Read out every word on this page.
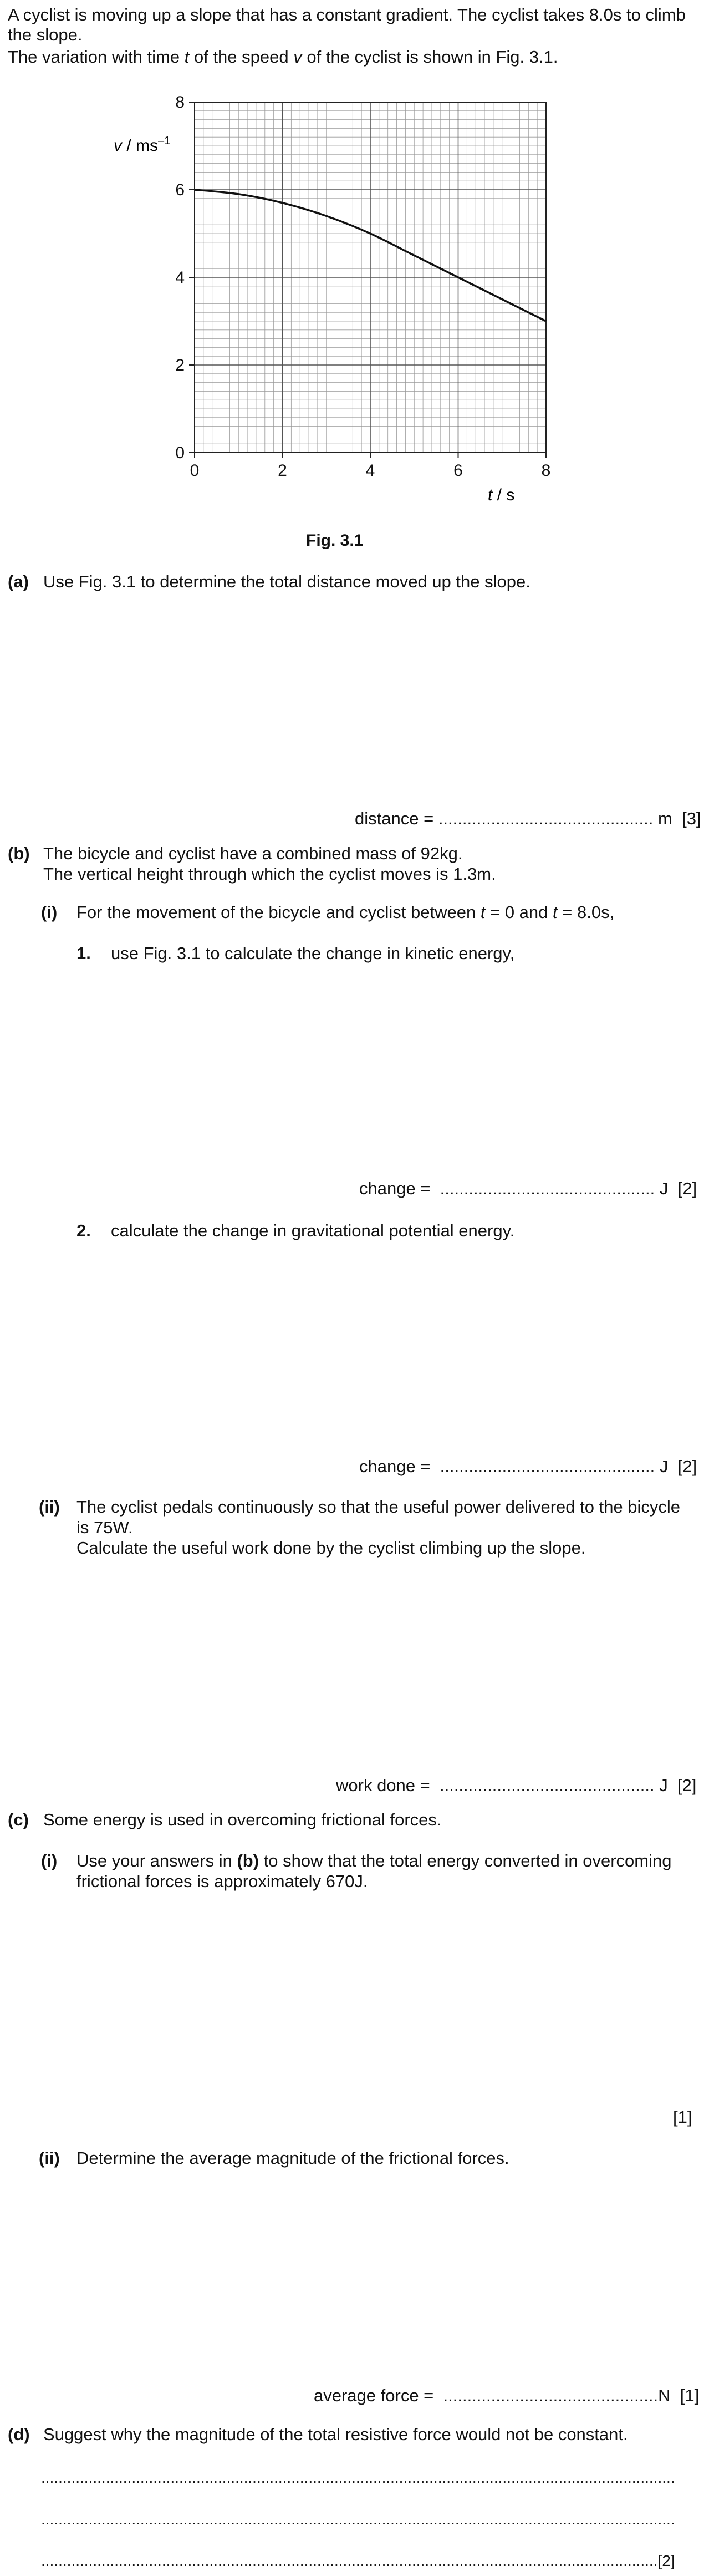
A cyclist is moving up a slope that has a constant gradient. The cyclist takes 8.0s to climb
the slope.
The variation with time t of the speed v of the cyclist is shown in Fig. 3.1.
0	2	4	6	8
0
2
4
6
8
v / $ms^{-1}$
t / s
Fig. 3.1
(a) Use Fig. 3.1 to determine the total distance moved up the slope.
distance = ............................................. m [3]
(b) The bicycle and cyclist have a combined mass of 92kg.
The vertical height through which the cyclist moves is 1.3m.
(i) For the movement of the bicycle and cyclist between t = 0 and t = 8.0s,
1. use Fig. 3.1 to calculate the change in kinetic energy,
change = ............................................. J [2]
2. calculate the change in gravitational potential energy.
change = ............................................. J [2]
(ii) The cyclist pedals continuously so that the useful power delivered to the bicycle
is 75W.
Calculate the useful work done by the cyclist climbing up the slope.
work done = ............................................. J [2]
(c) Some energy is used in overcoming frictional forces.
(i) Use your answers in (b) to show that the total energy converted in overcoming
frictional forces is approximately 670J.
[1]
(ii) Determine the average magnitude of the frictional forces.
average force = .............................................N [1]
(d) Suggest why the magnitude of the total resistive force would not be constant.
...................................................................................................................................................
...................................................................................................................................................
...............................................................................................................................................[2]
